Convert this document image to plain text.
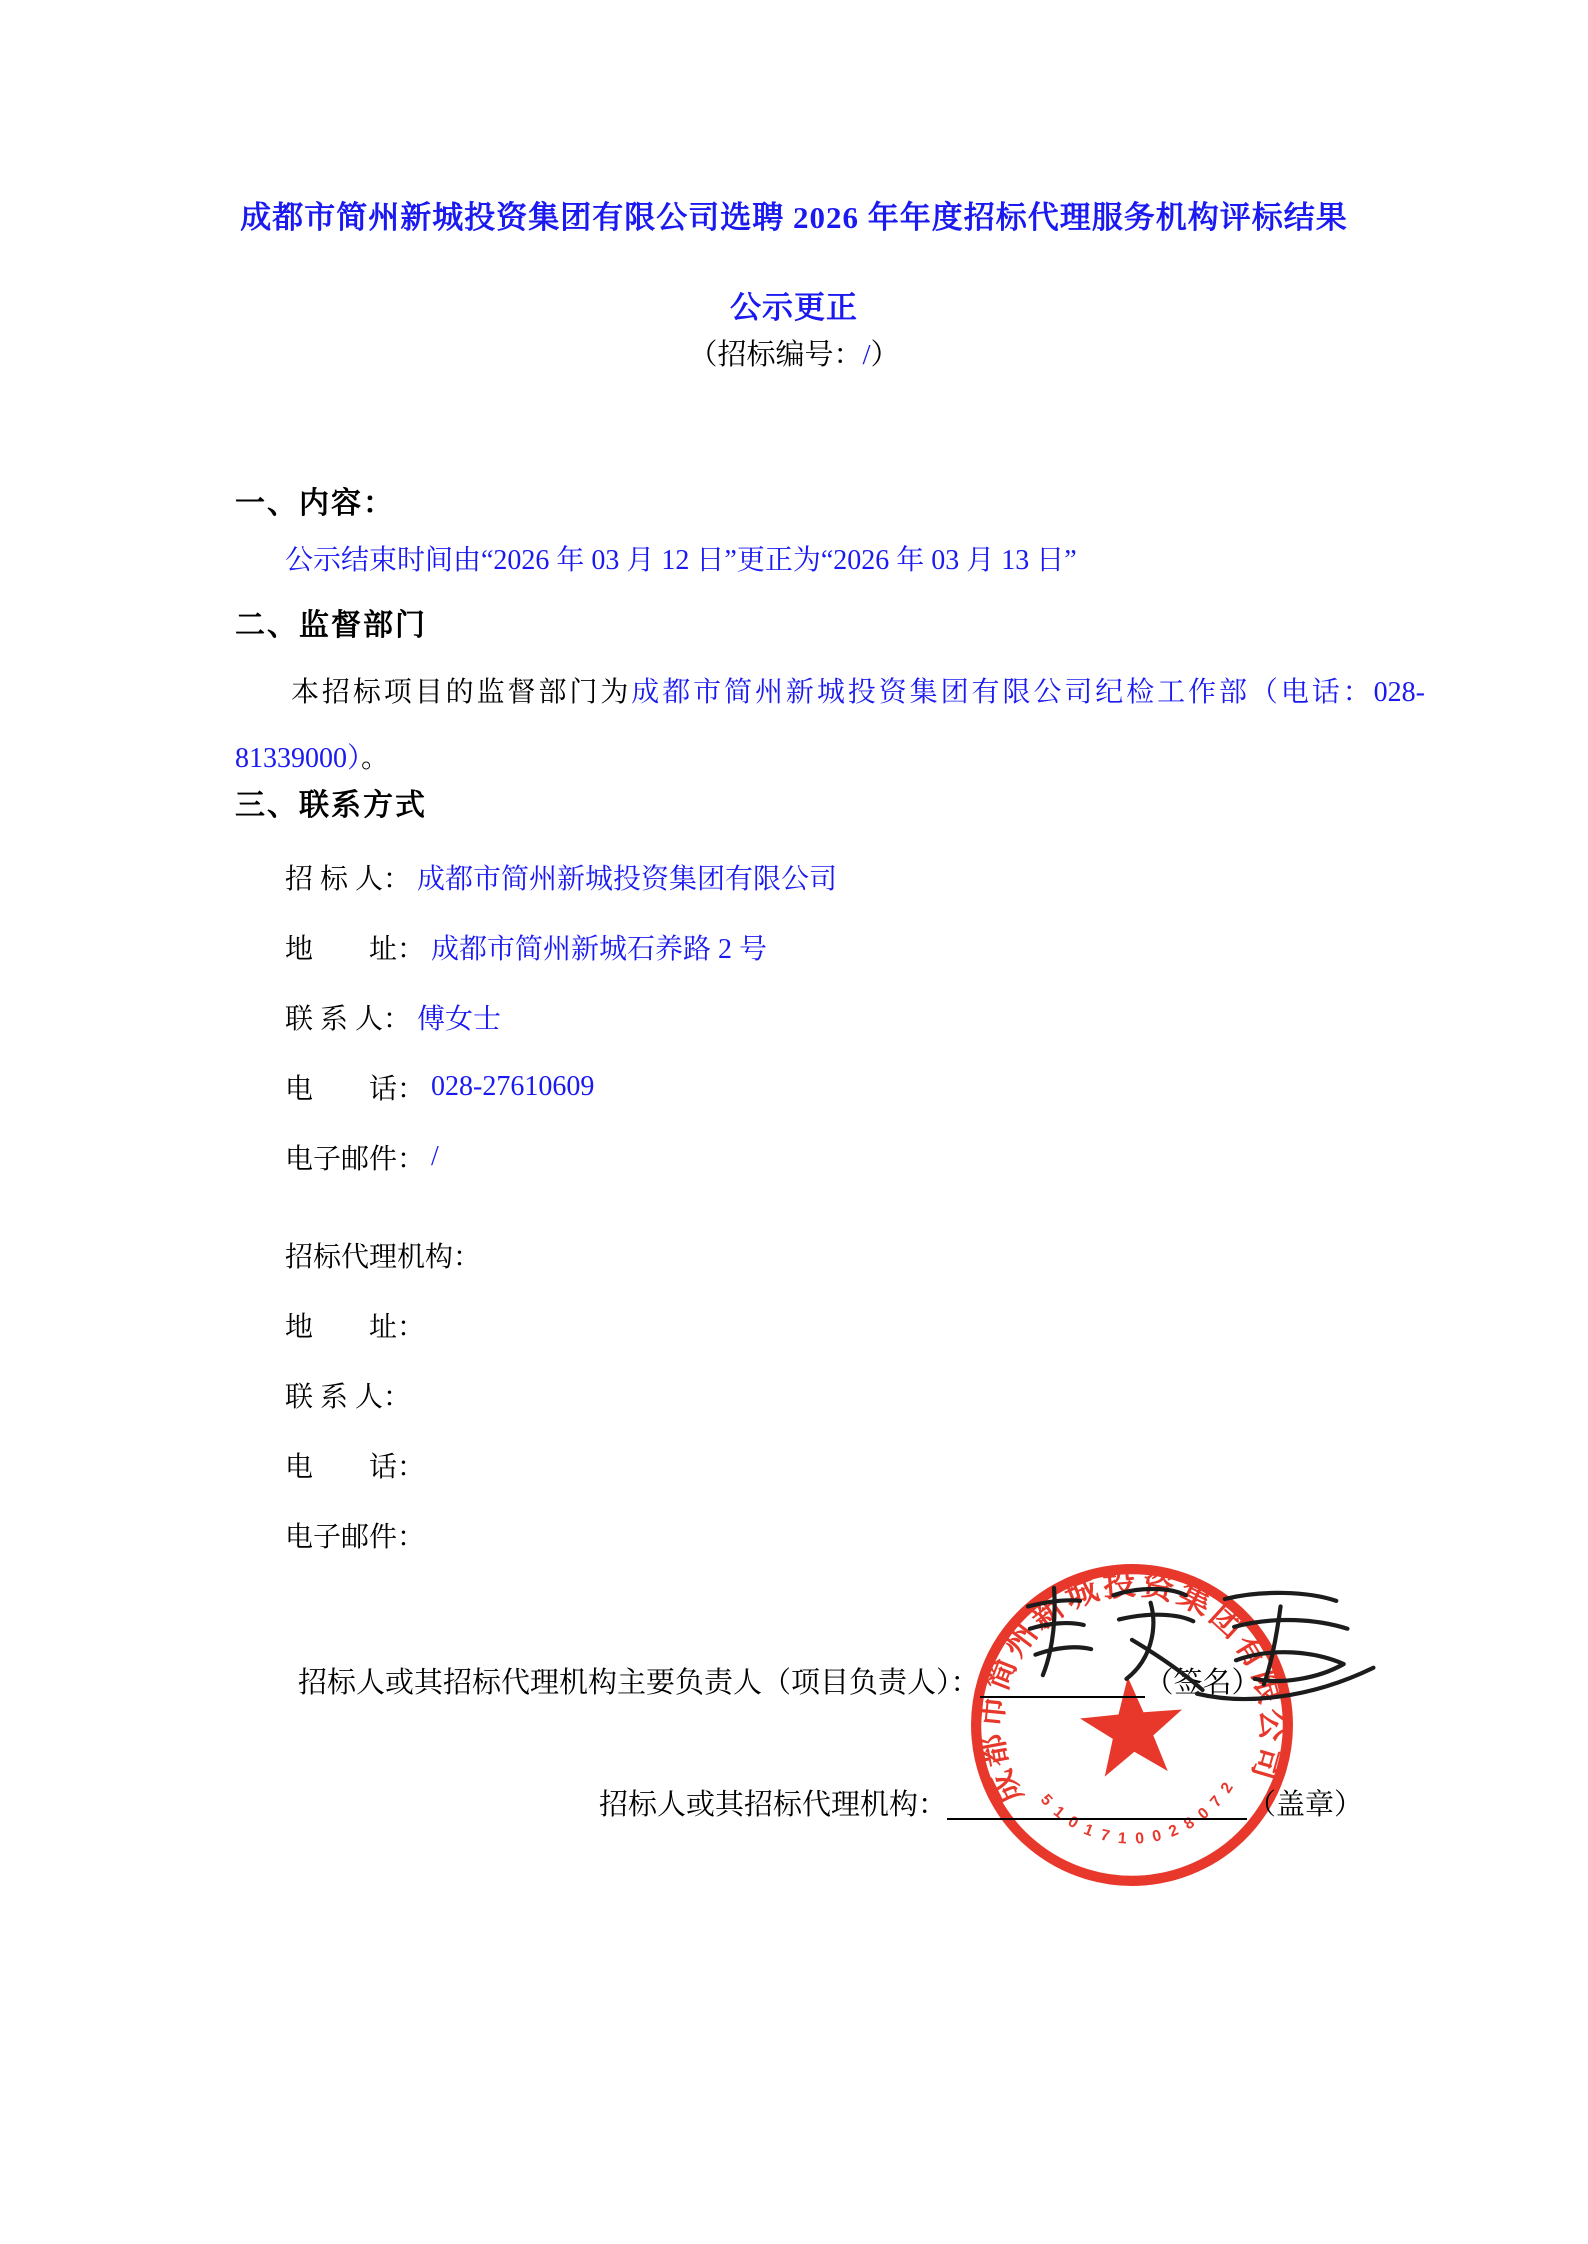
成都市简州新城投资集团有限公司选聘 2026 年年度招标代理服务机构评标结果
公示更正
（招标编号：/）
一、内容：
公示结束时间由“2026 年 03 月 12 日”更正为“2026 年 03 月 13 日”
二、监督部门
本招标项目的监督部门为成都市简州新城投资集团有限公司纪检工作部（电话：028-81339000）。
三、联系方式
招 标 人： 成都市简州新城投资集团有限公司
地　　址： 成都市简州新城石养路 2 号
联 系 人： 傅女士
电　　话： 028-27610609
电子邮件： /
招标代理机构：
地　　址：
联 系 人：
电　　话：
电子邮件：
招标人或其招标代理机构主要负责人（项目负责人）：	（签名）
招标人或其招标代理机构：	（盖章）
成都市简州新城投资集团有限公司
5101710028072
